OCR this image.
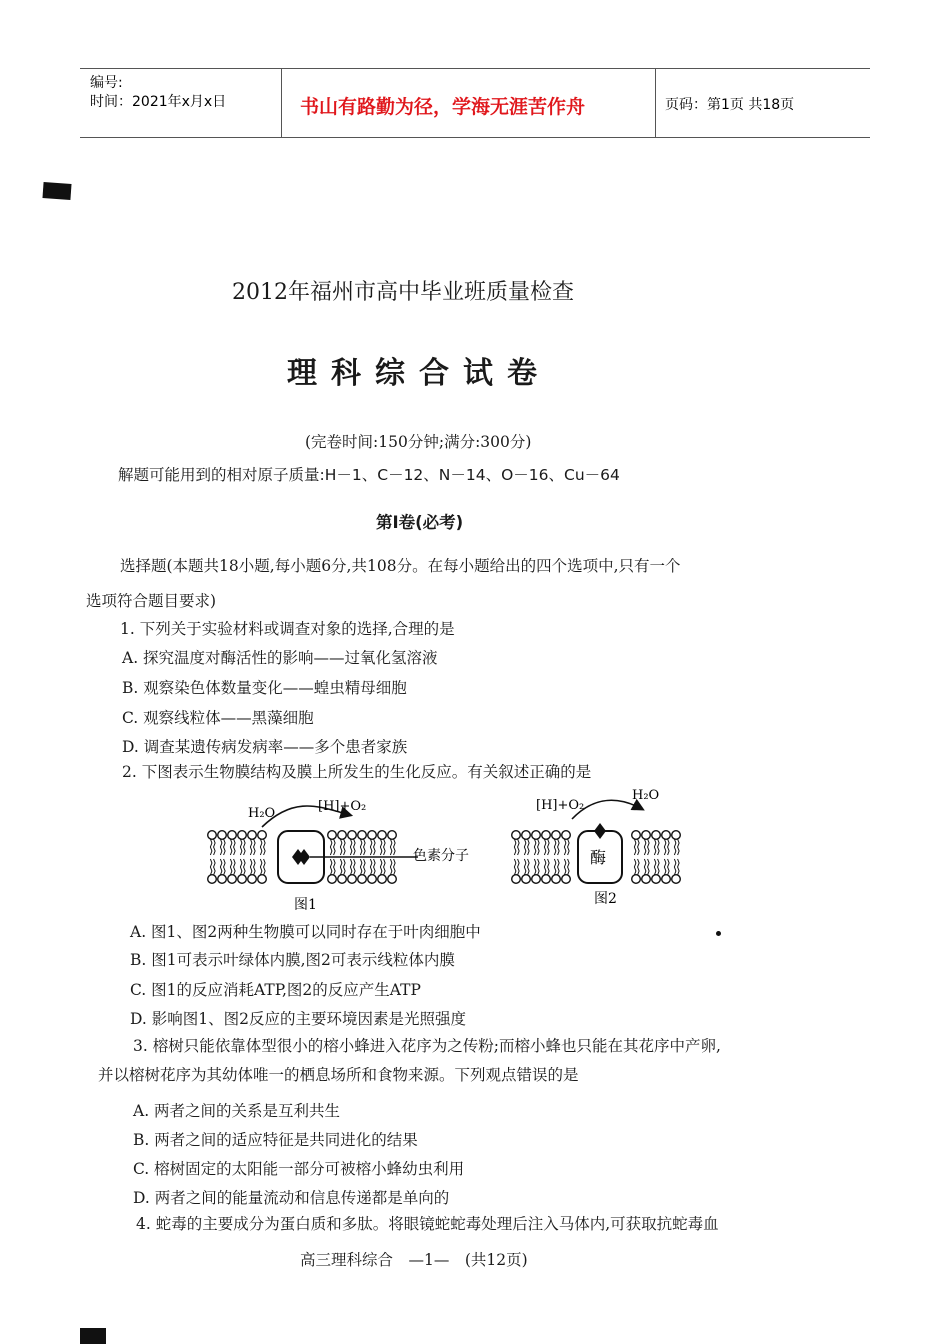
编号:
时间：2021年x月x日	书山有路勤为径，学海无涯苦作舟	页码：第1页 共18页
2012年福州市高中毕业班质量检查
理科综合试卷
(完卷时间:150分钟;满分:300分)
解题可能用到的相对原子质量:H－1、C－12、N－14、O－16、Cu－64
第Ⅰ卷(必考)
选择题(本题共18小题,每小题6分,共108分。在每小题给出的四个选项中,只有一个
选项符合题目要求)
1. 下列关于实验材料或调查对象的选择,合理的是
A. 探究温度对酶活性的影响——过氧化氢溶液
B. 观察染色体数量变化——蝗虫精母细胞
C. 观察线粒体——黑藻细胞
D. 调查某遗传病发病率——多个患者家族
2. 下图表示生物膜结构及膜上所发生的生化反应。有关叙述正确的是
H₂O	[H]+O₂
色素分子
图1
酶
[H]+O₂
H₂O
图2
A. 图1、图2两种生物膜可以同时存在于叶肉细胞中
B. 图1可表示叶绿体内膜,图2可表示线粒体内膜
C. 图1的反应消耗ATP,图2的反应产生ATP
D. 影响图1、图2反应的主要环境因素是光照强度
3. 榕树只能依靠体型很小的榕小蜂进入花序为之传粉;而榕小蜂也只能在其花序中产卵,
并以榕树花序为其幼体唯一的栖息场所和食物来源。下列观点错误的是
A. 两者之间的关系是互利共生
B. 两者之间的适应特征是共同进化的结果
C. 榕树固定的太阳能一部分可被榕小蜂幼虫利用
D. 两者之间的能量流动和信息传递都是单向的
4. 蛇毒的主要成分为蛋白质和多肽。将眼镜蛇蛇毒处理后注入马体内,可获取抗蛇毒血
高三理科综合　—1—　(共12页)
